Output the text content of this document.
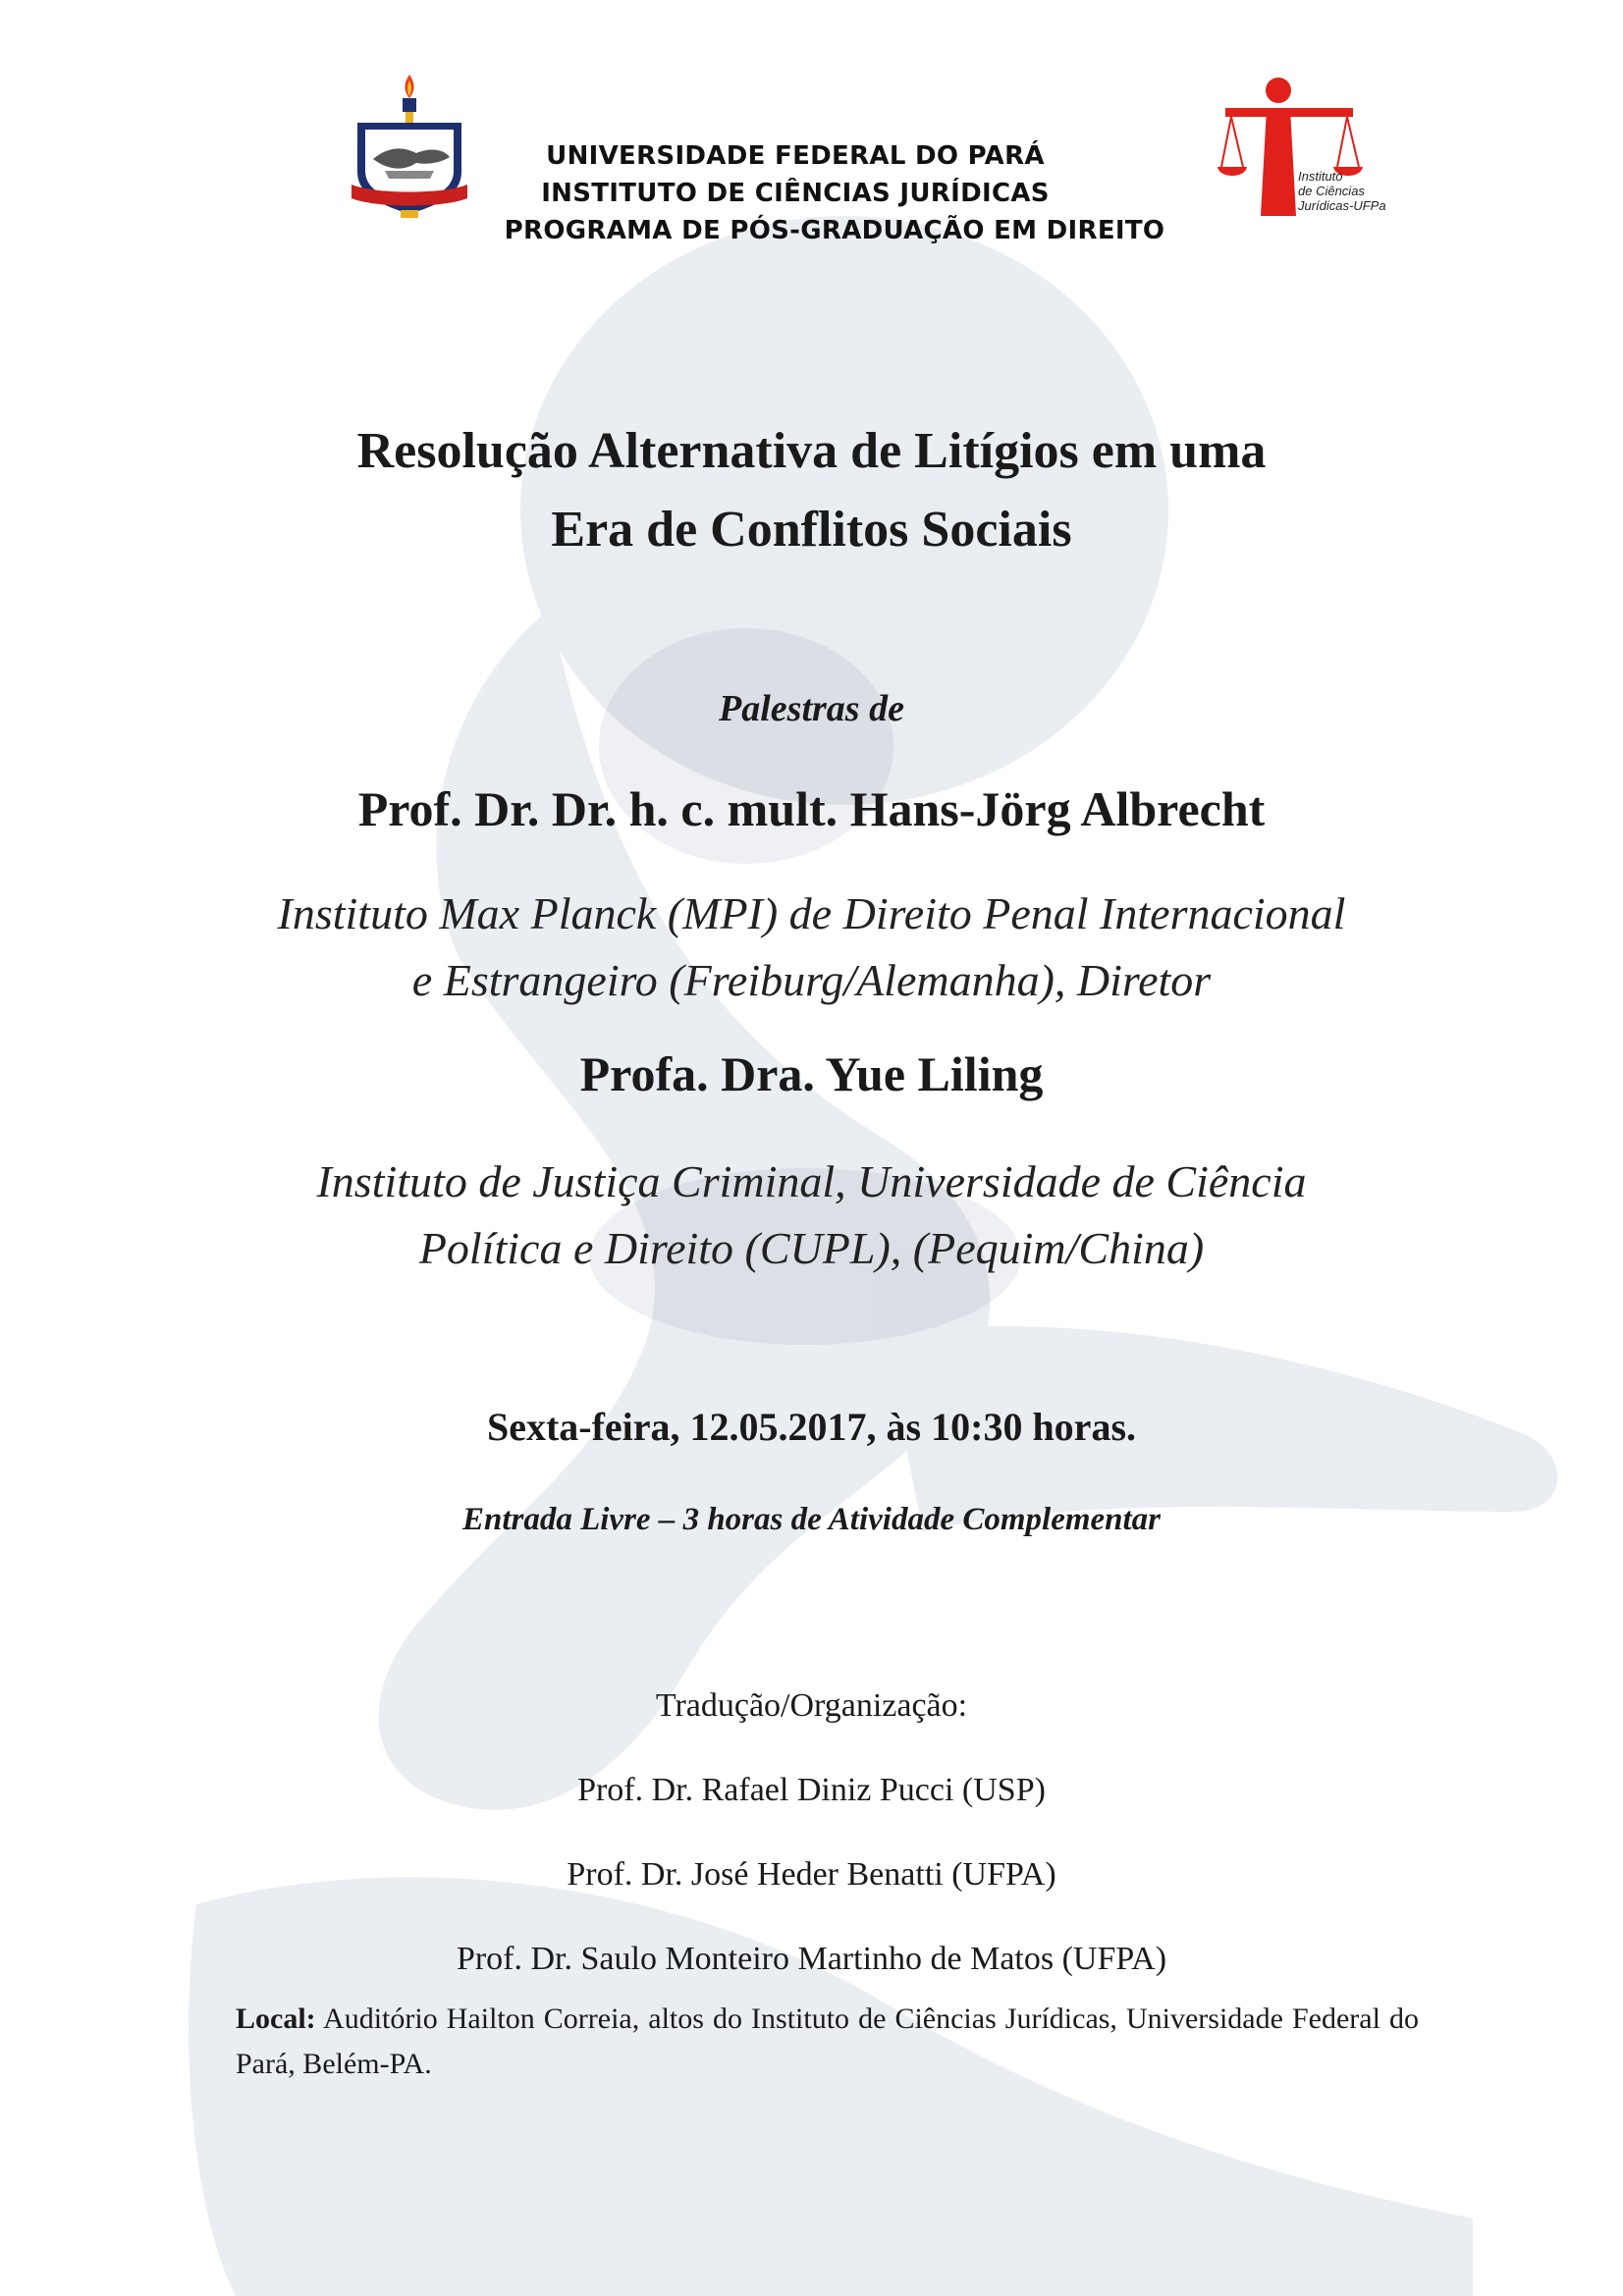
Instituto
de Ciências
Jurídicas-UFPa
UNIVERSIDADE FEDERAL DO PARÁ
INSTITUTO DE CIÊNCIAS JURÍDICAS
PROGRAMA DE PÓS-GRADUAÇÃO EM DIREITO
Resolução Alternativa de Litígios em uma
Era de Conflitos Sociais
Palestras de
Prof. Dr. Dr. h. c. mult. Hans-Jörg Albrecht
Instituto Max Planck (MPI) de Direito Penal Internacional
e Estrangeiro (Freiburg/Alemanha), Diretor
Profa. Dra. Yue Liling
Instituto de Justiça Criminal, Universidade de Ciência
Política e Direito (CUPL), (Pequim/China)
Sexta-feira, 12.05.2017, às 10:30 horas.
Entrada Livre – 3 horas de Atividade Complementar
Tradução/Organização:
Prof. Dr. Rafael Diniz Pucci (USP)
Prof. Dr. José Heder Benatti (UFPA)
Prof. Dr. Saulo Monteiro Martinho de Matos (UFPA)
Local: Auditório Hailton Correia, altos do Instituto de Ciências Jurídicas, Universidade Federal do Pará, Belém-PA.
